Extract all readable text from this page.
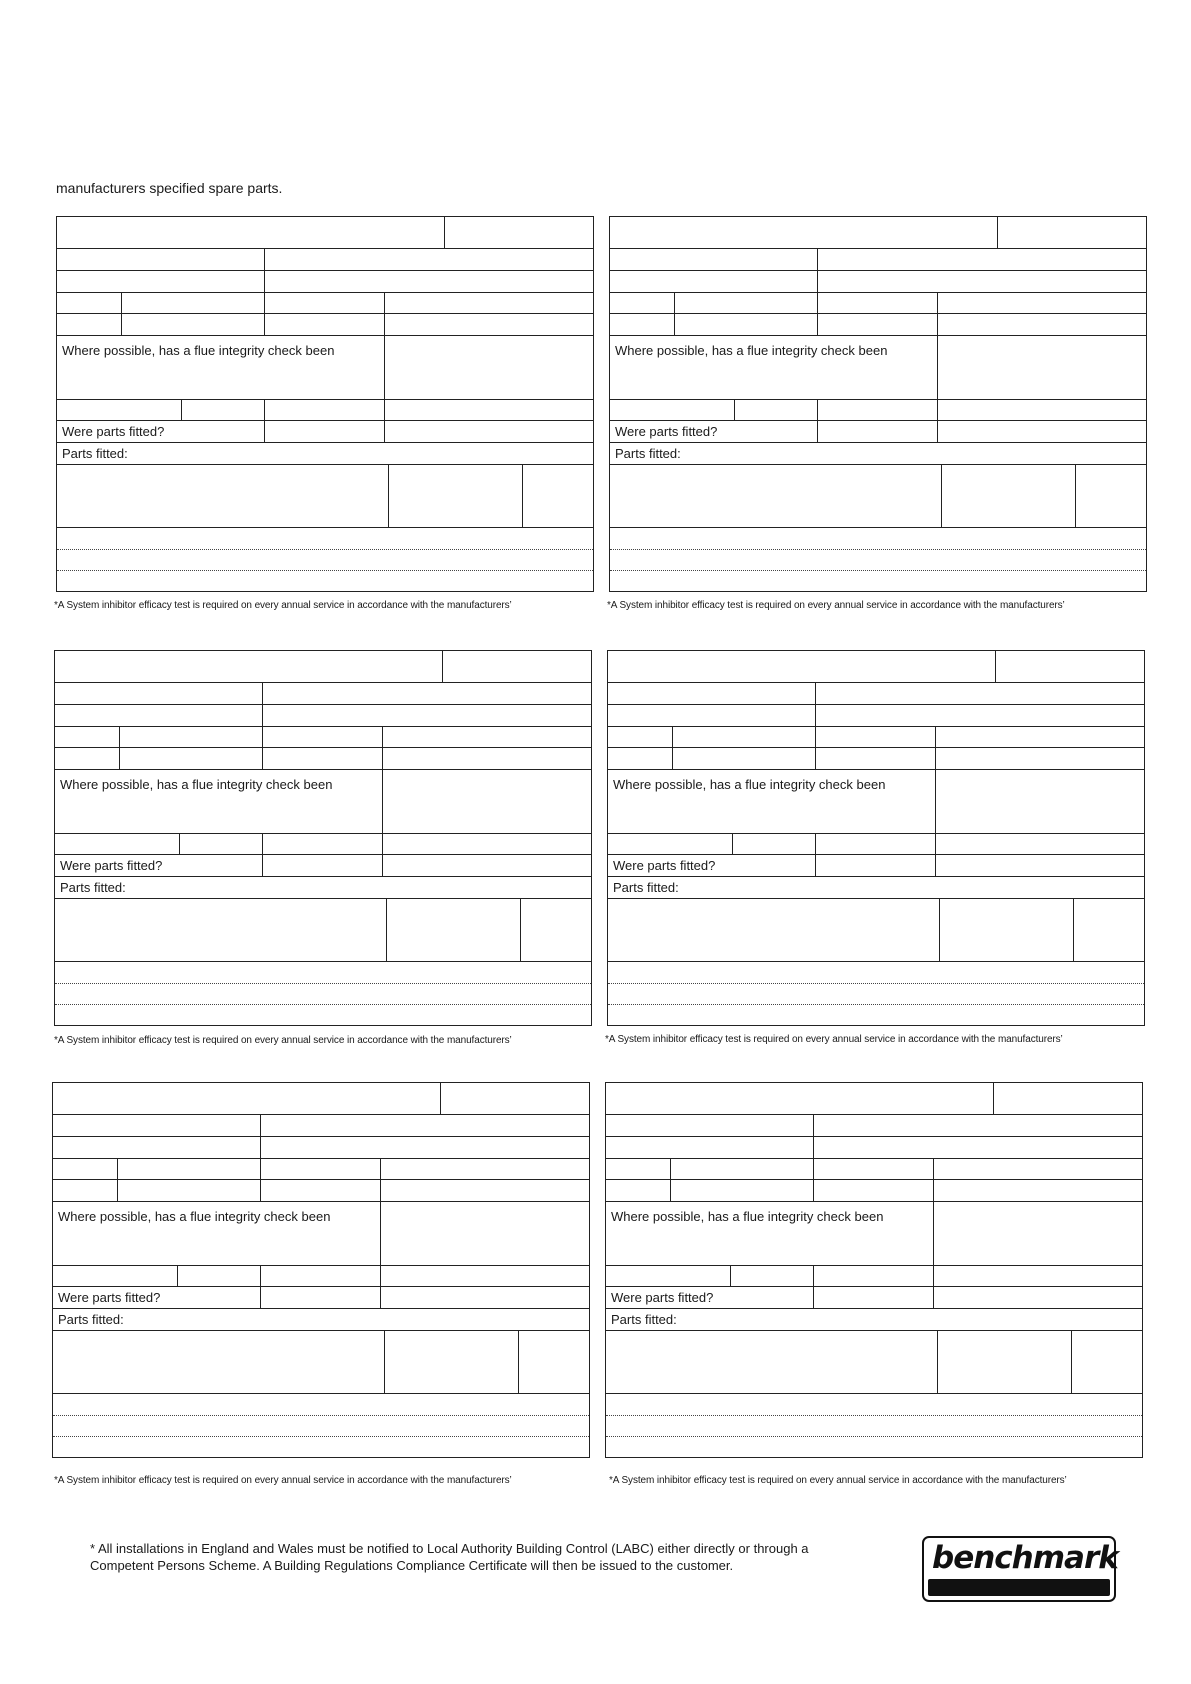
manufacturers specified spare parts.
Where possible, has a flue integrity check been
Were parts fitted?
Parts fitted:
*A System inhibitor efficacy test is required on every annual service in accordance with the manufacturers’
Where possible, has a flue integrity check been
Were parts fitted?
Parts fitted:
*A System inhibitor efficacy test is required on every annual service in accordance with the manufacturers’
Where possible, has a flue integrity check been
Were parts fitted?
Parts fitted:
*A System inhibitor efficacy test is required on every annual service in accordance with the manufacturers’
Where possible, has a flue integrity check been
Were parts fitted?
Parts fitted:
*A System inhibitor efficacy test is required on every annual service in accordance with the manufacturers’
Where possible, has a flue integrity check been
Were parts fitted?
Parts fitted:
*A System inhibitor efficacy test is required on every annual service in accordance with the manufacturers’
Where possible, has a flue integrity check been
Were parts fitted?
Parts fitted:
*A System inhibitor efficacy test is required on every annual service in accordance with the manufacturers’
* All installations in England and Wales must be notified to Local Authority Building Control (LABC) either directly or through a Competent Persons Scheme. A Building Regulations Compliance Certificate will then be issued to the customer.	benchmark
